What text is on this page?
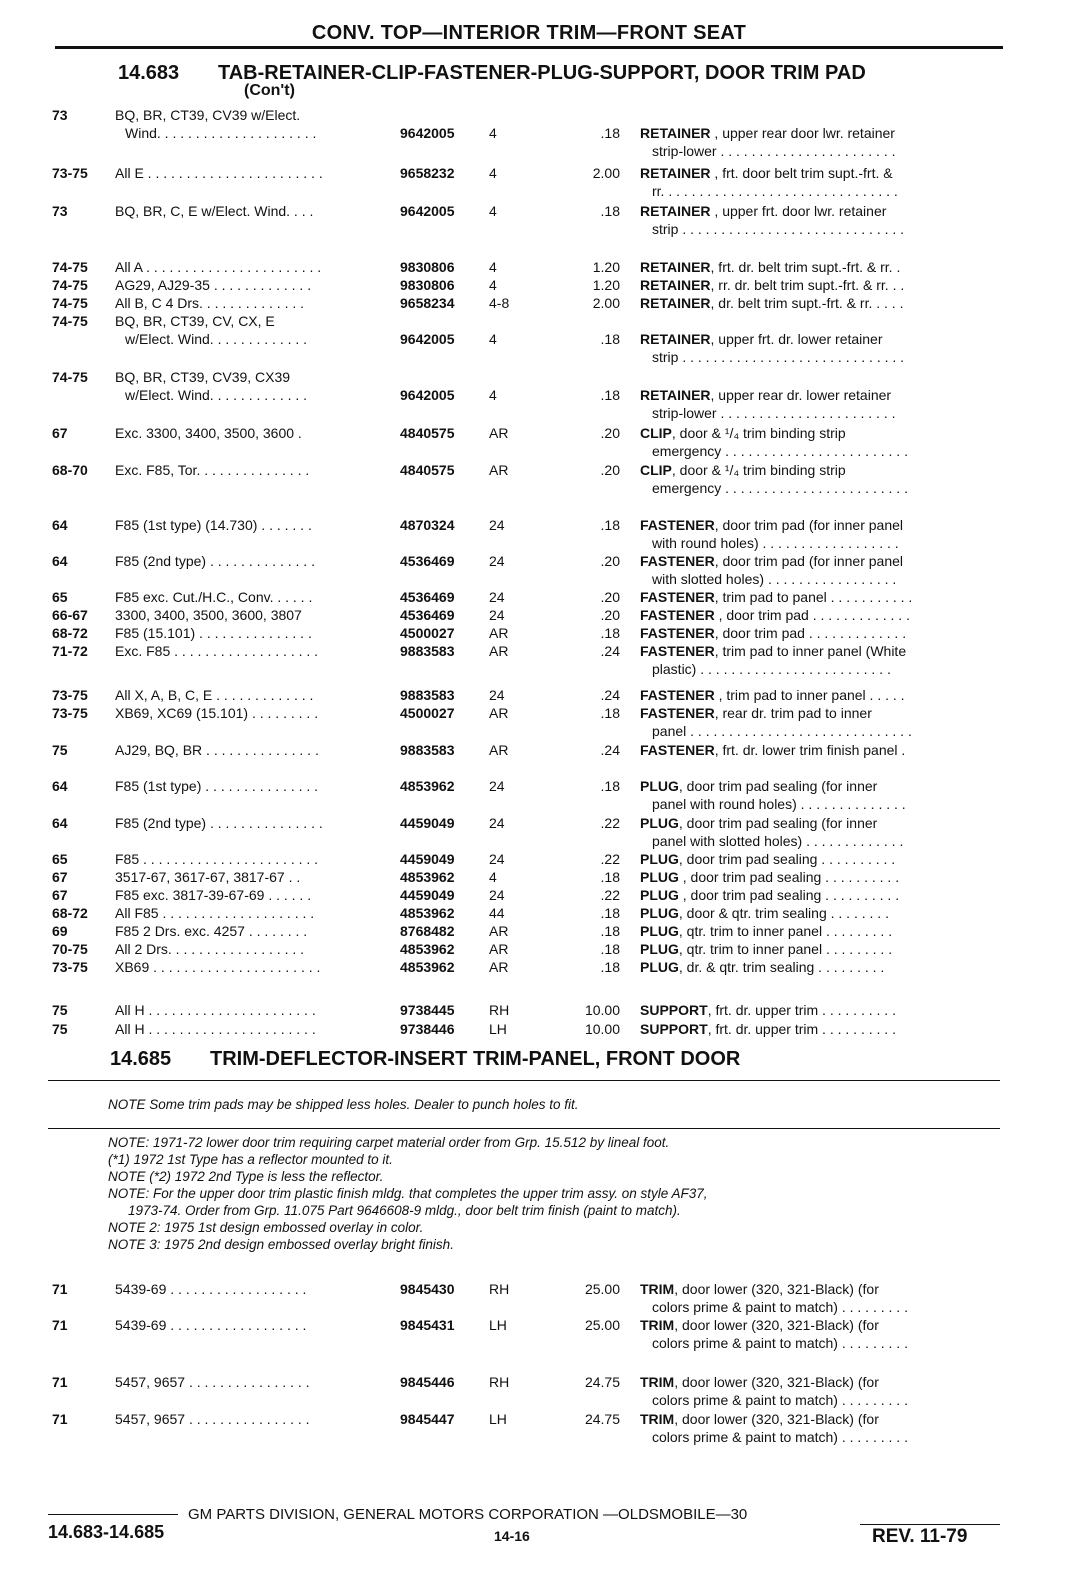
CONV. TOP—INTERIOR TRIM—FRONT SEAT
14.683 TAB-RETAINER-CLIP-FASTENER-PLUG-SUPPORT, DOOR TRIM PAD
(Con't)
73	BQ, BR, CT39, CV39 w/Elect.
Wind. . . . . . . . . . . . . . . . . . . . .	9642005 4	.18 RETAINER , upper rear door lwr. retainer
strip-lower . . . . . . . . . . . . . . . . . . . . . . .
73-75 All E . . . . . . . . . . . . . . . . . . . . . . .	9658232 4	2.00 RETAINER , frt. door belt trim supt.-frt. &
rr. . . . . . . . . . . . . . . . . . . . . . . . . . . . . . .
73	BQ, BR, C, E w/Elect. Wind. . . .	9642005 4	.18 RETAINER , upper frt. door lwr. retainer
strip . . . . . . . . . . . . . . . . . . . . . . . . . . . . .
74-75 All A . . . . . . . . . . . . . . . . . . . . . . .	9830806 4	1.20 RETAINER, frt. dr. belt trim supt.-frt. & rr. .
74-75 AG29, AJ29-35 . . . . . . . . . . . . .	9830806 4	1.20 RETAINER, rr. dr. belt trim supt.-frt. & rr. . .
74-75 All B, C 4 Drs. . . . . . . . . . . . . .	9658234 4-8	2.00 RETAINER, dr. belt trim supt.-frt. & rr. . . . .
74-75 BQ, BR, CT39, CV, CX, E
w/Elect. Wind. . . . . . . . . . . . .	9642005 4	.18 RETAINER, upper frt. dr. lower retainer
strip . . . . . . . . . . . . . . . . . . . . . . . . . . . . .
74-75 BQ, BR, CT39, CV39, CX39
w/Elect. Wind. . . . . . . . . . . . .	9642005 4	.18 RETAINER, upper rear dr. lower retainer
strip-lower . . . . . . . . . . . . . . . . . . . . . . .
67	Exc. 3300, 3400, 3500, 3600 .	4840575 AR	.20 CLIP, door & ¹/₄ trim binding strip
emergency . . . . . . . . . . . . . . . . . . . . . . . .
68-70 Exc. F85, Tor. . . . . . . . . . . . . . .	4840575 AR	.20 CLIP, door & ¹/₄ trim binding strip
emergency . . . . . . . . . . . . . . . . . . . . . . . .
64	F85 (1st type) (14.730) . . . . . . .	4870324 24	.18 FASTENER, door trim pad (for inner panel
with round holes) . . . . . . . . . . . . . . . . . .
64	F85 (2nd type) . . . . . . . . . . . . . .	4536469 24	.20 FASTENER, door trim pad (for inner panel
with slotted holes) . . . . . . . . . . . . . . . . .
65	F85 exc. Cut./H.C., Conv. . . . . .	4536469 24	.20 FASTENER, trim pad to panel . . . . . . . . . . .
66-67 3300, 3400, 3500, 3600, 3807	4536469 24	.20 FASTENER , door trim pad . . . . . . . . . . . . .
68-72 F85 (15.101) . . . . . . . . . . . . . . .	4500027 AR	.18 FASTENER, door trim pad . . . . . . . . . . . . .
71-72 Exc. F85 . . . . . . . . . . . . . . . . . . .	9883583 AR	.24 FASTENER, trim pad to inner panel (White
plastic) . . . . . . . . . . . . . . . . . . . . . . . . .
73-75 All X, A, B, C, E . . . . . . . . . . . . .	9883583 24	.24 FASTENER , trim pad to inner panel . . . . .
73-75 XB69, XC69 (15.101) . . . . . . . . .	4500027 AR	.18 FASTENER, rear dr. trim pad to inner
panel . . . . . . . . . . . . . . . . . . . . . . . . . . . . .
75	AJ29, BQ, BR . . . . . . . . . . . . . . .	9883583 AR	.24 FASTENER, frt. dr. lower trim finish panel .
64	F85 (1st type) . . . . . . . . . . . . . . .	4853962 24	.18 PLUG, door trim pad sealing (for inner
panel with round holes) . . . . . . . . . . . . . .
64	F85 (2nd type) . . . . . . . . . . . . . . .	4459049 24	.22 PLUG, door trim pad sealing (for inner
panel with slotted holes) . . . . . . . . . . . . .
65	F85 . . . . . . . . . . . . . . . . . . . . . . .	4459049 24	.22 PLUG, door trim pad sealing . . . . . . . . . .
67	3517-67, 3617-67, 3817-67 . .	4853962 4	.18 PLUG , door trim pad sealing . . . . . . . . . .
67	F85 exc. 3817-39-67-69 . . . . . .	4459049 24	.22 PLUG , door trim pad sealing . . . . . . . . . .
68-72 All F85 . . . . . . . . . . . . . . . . . . . .	4853962 44	.18 PLUG, door & qtr. trim sealing . . . . . . . .
69	F85 2 Drs. exc. 4257 . . . . . . . .	8768482 AR	.18 PLUG, qtr. trim to inner panel . . . . . . . . .
70-75 All 2 Drs. . . . . . . . . . . . . . . . . .	4853962 AR	.18 PLUG, qtr. trim to inner panel . . . . . . . . .
73-75 XB69 . . . . . . . . . . . . . . . . . . . . . .	4853962 AR	.18 PLUG, dr. & qtr. trim sealing . . . . . . . . .
75	All H . . . . . . . . . . . . . . . . . . . . . .	9738445 RH	10.00 SUPPORT, frt. dr. upper trim . . . . . . . . . .
75	All H . . . . . . . . . . . . . . . . . . . . . .	9738446 LH	10.00 SUPPORT, frt. dr. upper trim . . . . . . . . . .
71	5439-69 . . . . . . . . . . . . . . . . . .	9845430 RH	25.00 TRIM, door lower (320, 321-Black) (for
colors prime & paint to match) . . . . . . . . .
71	5439-69 . . . . . . . . . . . . . . . . . .	9845431 LH	25.00 TRIM, door lower (320, 321-Black) (for
colors prime & paint to match) . . . . . . . . .
71	5457, 9657 . . . . . . . . . . . . . . . .	9845446 RH	24.75 TRIM, door lower (320, 321-Black) (for
colors prime & paint to match) . . . . . . . . .
71	5457, 9657 . . . . . . . . . . . . . . . .	9845447 LH	24.75 TRIM, door lower (320, 321-Black) (for
colors prime & paint to match) . . . . . . . . .
14.685 TRIM-DEFLECTOR-INSERT TRIM-PANEL, FRONT DOOR
NOTE Some trim pads may be shipped less holes. Dealer to punch holes to fit.
NOTE: 1971-72 lower door trim requiring carpet material order from Grp. 15.512 by lineal foot.
(*1) 1972 1st Type has a reflector mounted to it.
NOTE (*2) 1972 2nd Type is less the reflector.
NOTE: For the upper door trim plastic finish mldg. that completes the upper trim assy. on style AF37,
1973-74. Order from Grp. 11.075 Part 9646608-9 mldg., door belt trim finish (paint to match).
NOTE 2: 1975 1st design embossed overlay in color.
NOTE 3: 1975 2nd design embossed overlay bright finish.
GM PARTS DIVISION, GENERAL MOTORS CORPORATION —OLDSMOBILE—30
14.683-14.685	14-16	REV. 11-79
